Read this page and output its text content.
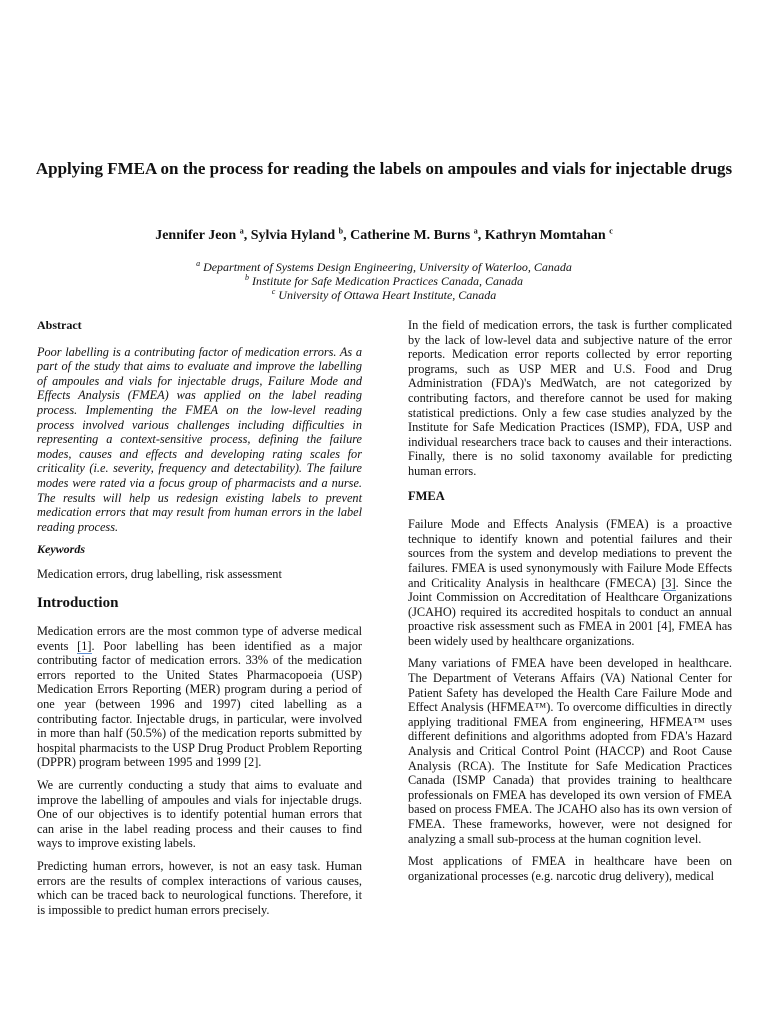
Applying FMEA on the process for reading the labels on ampoules and vials for injectable drugs
Jennifer Jeon $^a$, Sylvia Hyland $^b$, Catherine M. Burns $^a$, Kathryn Momtahan $^c$
$^a$ Department of Systems Design Engineering, University of Waterloo, Canada
$^b$ Institute for Safe Medication Practices Canada, Canada
$^c$ University of Ottawa Heart Institute, Canada
Abstract

Poor labelling is a contributing factor of medication errors. As a part of the study that aims to evaluate and improve the labelling of ampoules and vials for injectable drugs, Failure Mode and Effects Analysis (FMEA) was applied on the label reading process. Implementing the FMEA on the low-level reading process involved various challenges including difficulties in representing a context-sensitive process, defining the failure modes, causes and effects and developing rating scales for criticality (i.e. severity, frequency and detectability). The failure modes were rated via a focus group of pharmacists and a nurse. The results will help us redesign existing labels to prevent medication errors that may result from human errors in the label reading process.

Keywords

Medication errors, drug labelling, risk assessment

Introduction

Medication errors are the most common type of adverse medical events [1]. Poor labelling has been identified as a major contributing factor of medication errors. 33% of the medication errors reported to the United States Pharmacopoeia (USP) Medication Errors Reporting (MER) program during a period of one year (between 1996 and 1997) cited labelling as a contributing factor. Injectable drugs, in particular, were involved in more than half (50.5%) of the medication reports submitted by hospital pharmacists to the USP Drug Product Problem Reporting (DPPR) program between 1995 and 1999 [2].

We are currently conducting a study that aims to evaluate and improve the labelling of ampoules and vials for injectable drugs. One of our objectives is to identify potential human errors that can arise in the label reading process and their causes to find ways to improve existing labels.

Predicting human errors, however, is not an easy task. Human errors are the results of complex interactions of various causes, which can be traced back to neurological functions. Therefore, it is impossible to predict human errors precisely.

In the field of medication errors, the task is further complicated by the lack of low-level data and subjective nature of the error reports. Medication error reports collected by error reporting programs, such as USP MER and U.S. Food and Drug Administration (FDA)'s MedWatch, are not categorized by contributing factors, and therefore cannot be used for making statistical predictions. Only a few case studies analyzed by the Institute for Safe Medication Practices (ISMP), FDA, USP and individual researchers trace back to causes and their interactions. Finally, there is no solid taxonomy available for predicting human errors.

FMEA

Failure Mode and Effects Analysis (FMEA) is a proactive technique to identify known and potential failures and their sources from the system and develop mediations to prevent the failures. FMEA is used synonymously with Failure Mode Effects and Criticality Analysis in healthcare (FMECA) [3]. Since the Joint Commission on Accreditation of Healthcare Organizations (JCAHO) required its accredited hospitals to conduct an annual proactive risk assessment such as FMEA in 2001 [4], FMEA has been widely used by healthcare organizations.

Many variations of FMEA have been developed in healthcare. The Department of Veterans Affairs (VA) National Center for Patient Safety has developed the Health Care Failure Mode and Effect Analysis (HFMEA™). To overcome difficulties in directly applying traditional FMEA from engineering, HFMEA™ uses different definitions and algorithms adopted from FDA's Hazard Analysis and Critical Control Point (HACCP) and Root Cause Analysis (RCA). The Institute for Safe Medication Practices Canada (ISMP Canada) that provides training to healthcare professionals on FMEA has developed its own version of FMEA based on process FMEA. The JCAHO also has its own version of FMEA. These frameworks, however, were not designed for analyzing a small sub-process at the human cognition level.

Most applications of FMEA in healthcare have been on organizational processes (e.g. narcotic drug delivery), medical
